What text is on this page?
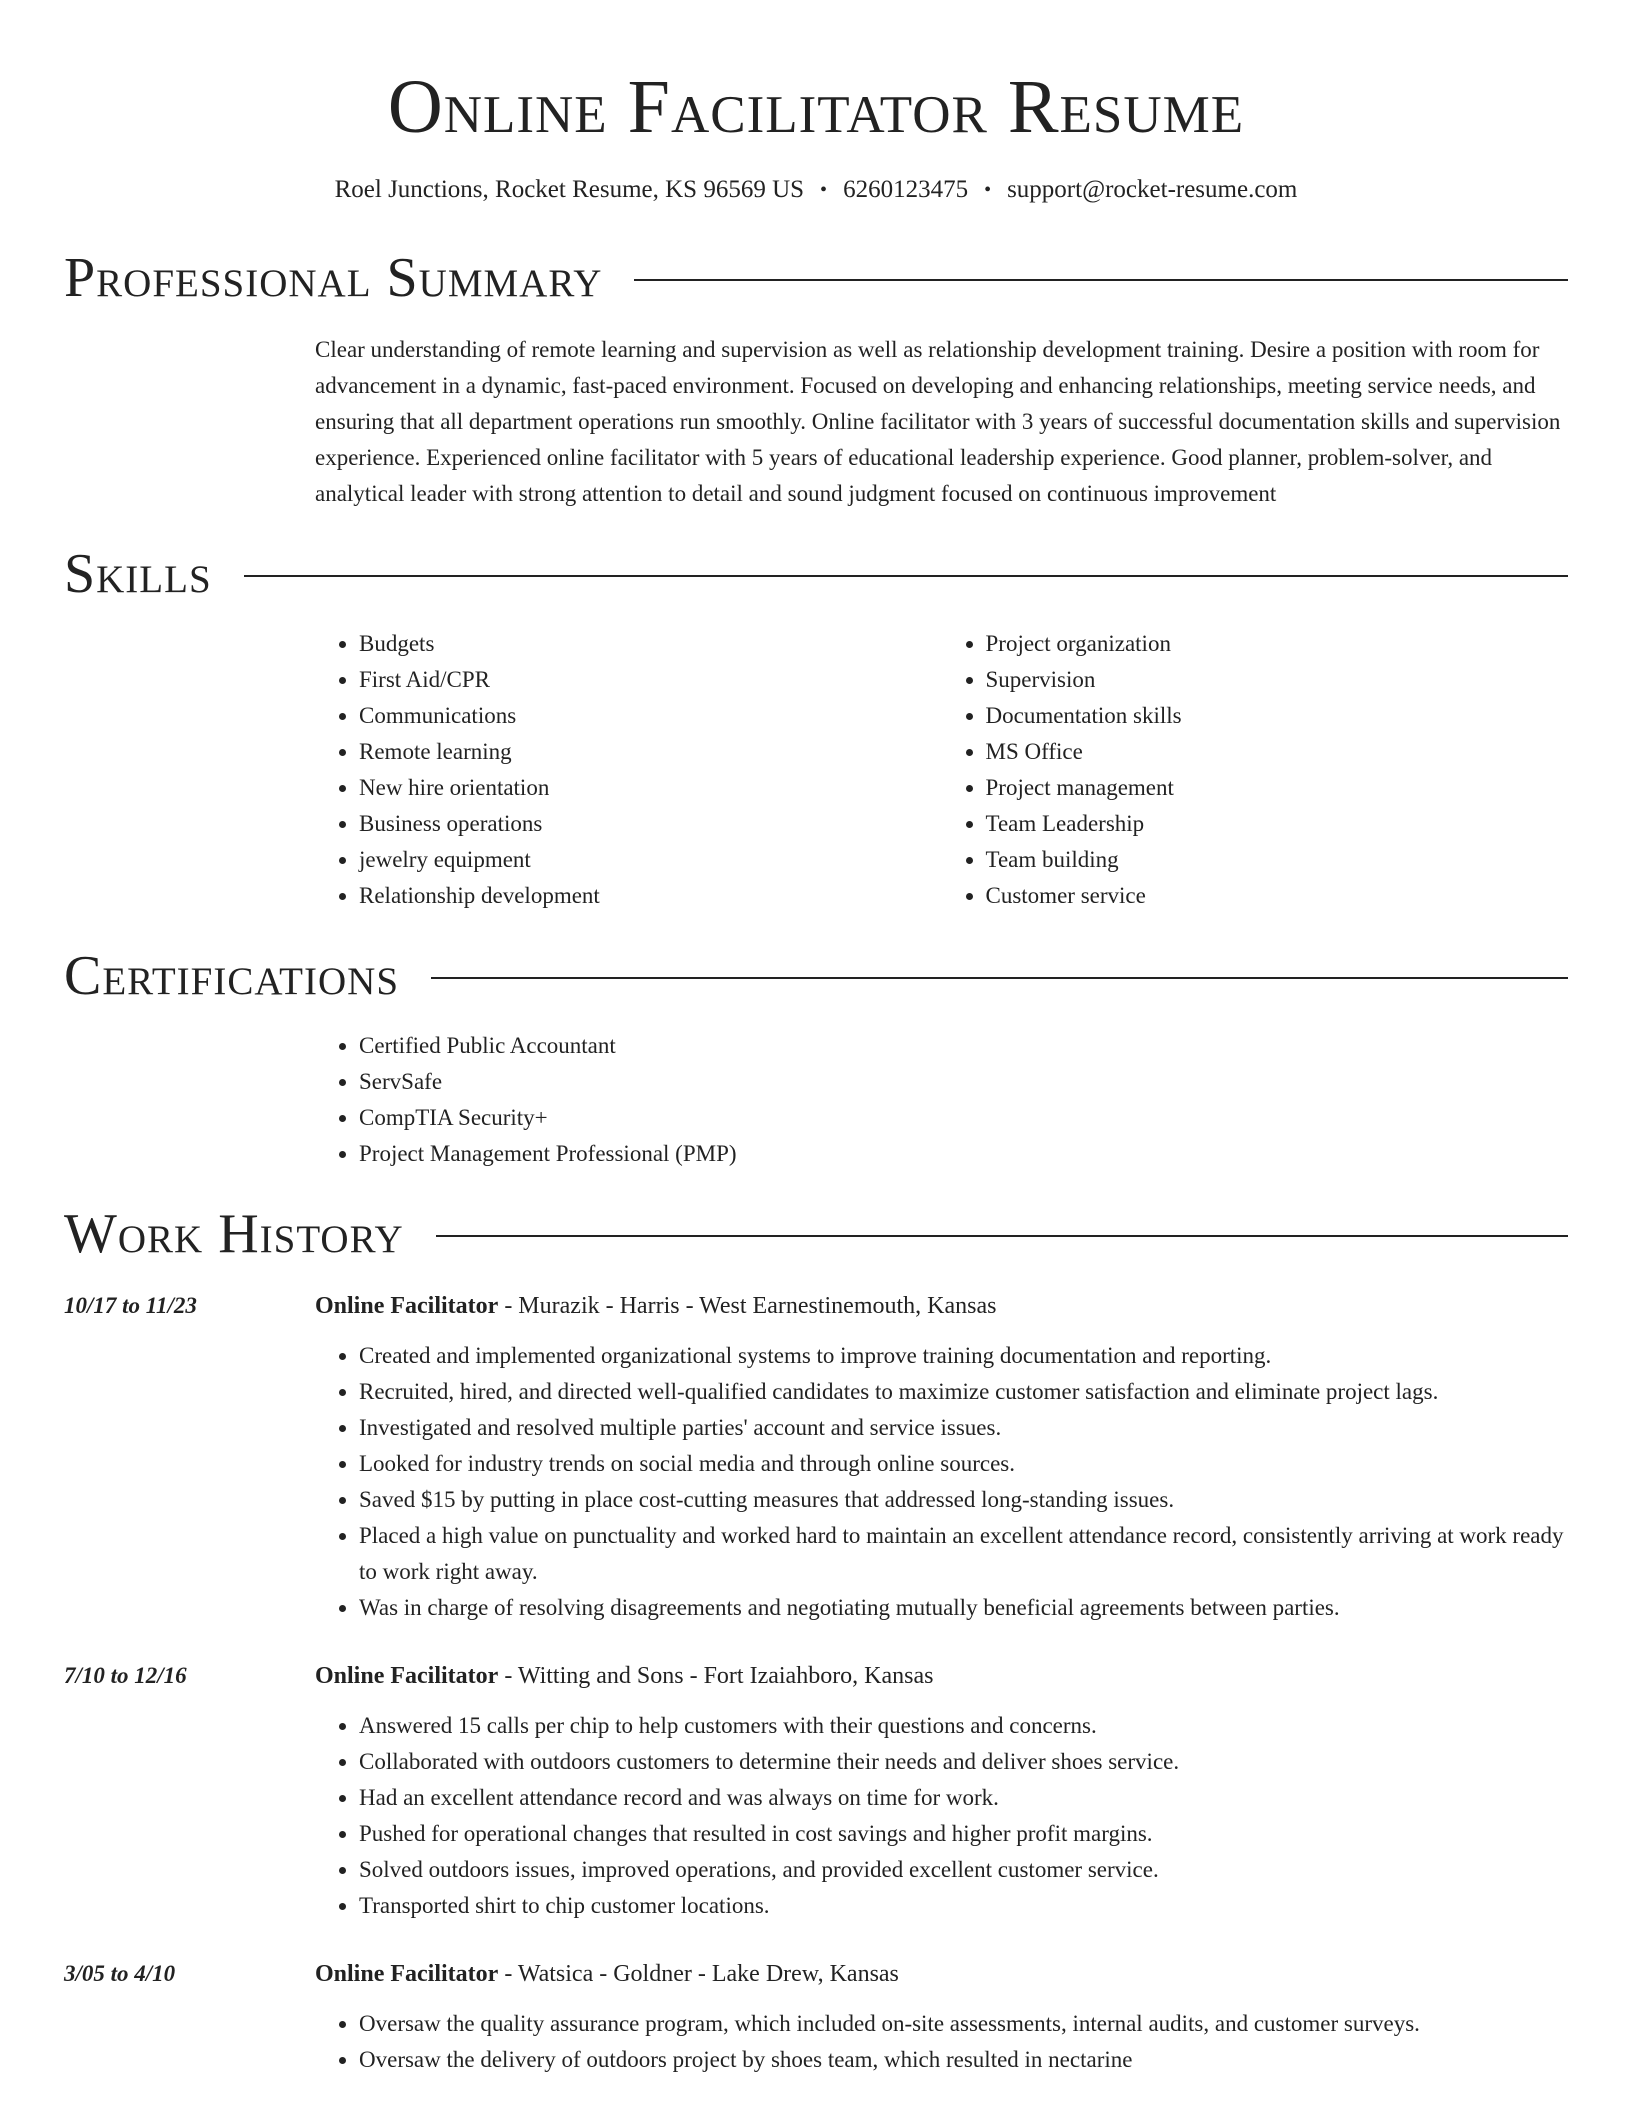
Online Facilitator Resume
Roel Junctions, Rocket Resume, KS 96569 US • 6260123475 • support@rocket-resume.com
Professional Summary

Clear understanding of remote learning and supervision as well as relationship development training. Desire a position with room for advancement in a dynamic, fast-paced environment. Focused on developing and enhancing relationships, meeting service needs, and ensuring that all department operations run smoothly. Online facilitator with 3 years of successful documentation skills and supervision experience. Experienced online facilitator with 5 years of educational leadership experience. Good planner, problem-solver, and analytical leader with strong attention to detail and sound judgment focused on continuous improvement

Skills
• Budgets
• First Aid/CPR
• Communications
• Remote learning
• New hire orientation
• Business operations
• jewelry equipment
• Relationship development
• Project organization
• Supervision
• Documentation skills
• MS Office
• Project management
• Team Leadership
• Team building
• Customer service
Certifications
• Certified Public Accountant
• ServSafe
• CompTIA Security+
• Project Management Professional (PMP)
Work History
10/17 to 11/23	Online Facilitator - Murazik - Harris - West Earnestinemouth, Kansas
• Created and implemented organizational systems to improve training documentation and reporting.
• Recruited, hired, and directed well-qualified candidates to maximize customer satisfaction and eliminate project lags.
• Investigated and resolved multiple parties' account and service issues.
• Looked for industry trends on social media and through online sources.
• Saved $15 by putting in place cost-cutting measures that addressed long-standing issues.
• Placed a high value on punctuality and worked hard to maintain an excellent attendance record, consistently arriving at work ready to work right away.
• Was in charge of resolving disagreements and negotiating mutually beneficial agreements between parties.
7/10 to 12/16	Online Facilitator - Witting and Sons - Fort Izaiahboro, Kansas
• Answered 15 calls per chip to help customers with their questions and concerns.
• Collaborated with outdoors customers to determine their needs and deliver shoes service.
• Had an excellent attendance record and was always on time for work.
• Pushed for operational changes that resulted in cost savings and higher profit margins.
• Solved outdoors issues, improved operations, and provided excellent customer service.
• Transported shirt to chip customer locations.
3/05 to 4/10	Online Facilitator - Watsica - Goldner - Lake Drew, Kansas
• Oversaw the quality assurance program, which included on-site assessments, internal audits, and customer surveys.
• Oversaw the delivery of outdoors project by shoes team, which resulted in nectarine
